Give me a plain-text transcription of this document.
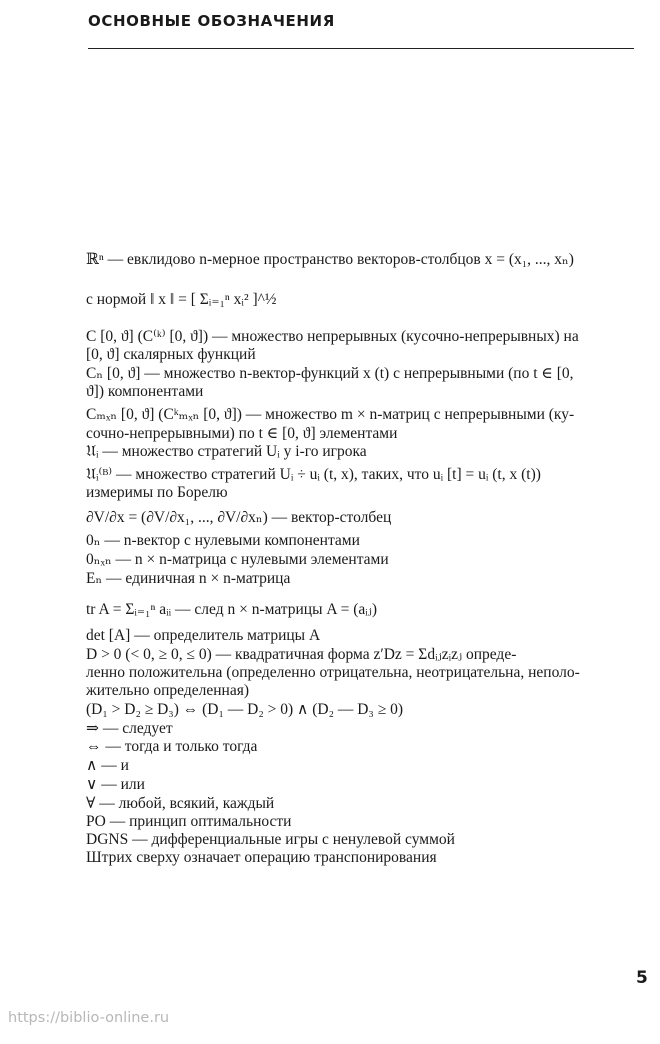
ОСНОВНЫЕ ОБОЗНАЧЕНИЯ
ℝⁿ — евклидово n-мерное пространство векторов-столбцов x = (x₁, ..., xₙ)
с нормой ‖ x ‖ = [ Σᵢ₌₁ⁿ xᵢ² ]^½
C [0, ϑ] (C⁽ᵏ⁾ [0, ϑ]) — множество непрерывных (кусочно-непрерывных) на
[0, ϑ] скалярных функций
Cₙ [0, ϑ] — множество n-вектор-функций x (t) с непрерывными (по t ∈ [0,
ϑ]) компонентами
Cₘₓₙ [0, ϑ] (Cᵏₘₓₙ [0, ϑ]) — множество m × n-матриц с непрерывными (ку-
сочно-непрерывными) по t ∈ [0, ϑ] элементами
𝔘ᵢ — множество стратегий Uᵢ у i-го игрока
𝔘ᵢ⁽ᴮ⁾ — множество стратегий Uᵢ ÷ uᵢ (t, x), таких, что uᵢ [t] = uᵢ (t, x (t))
измеримы по Борелю
∂V/∂x = (∂V/∂x₁, ..., ∂V/∂xₙ) — вектор-столбец
0ₙ — n-вектор с нулевыми компонентами
0ₙₓₙ — n × n-матрица с нулевыми элементами
Eₙ — единичная n × n-матрица
tr A = Σᵢ₌₁ⁿ aᵢᵢ — след n × n-матрицы A = (aᵢⱼ)
det [A] — определитель матрицы A
D > 0 (< 0, ≥ 0, ≤ 0) — квадратичная форма z′Dz = Σdᵢⱼzᵢzⱼ опреде-
ленно положительна (определенно отрицательна, неотрицательна, неполо-
жительно определенная)
(D₁ > D₂ ≥ D₃) ⇔ (D₁ — D₂ > 0) ∧ (D₂ — D₃ ≥ 0)
⇒ — следует
⇔ — тогда и только тогда
∧ — и
∨ — или
∀ — любой, всякий, каждый
PO — принцип оптимальности
DGNS — дифференциальные игры с ненулевой суммой
Штрих сверху означает операцию транспонирования
5
https://biblio-online.ru
